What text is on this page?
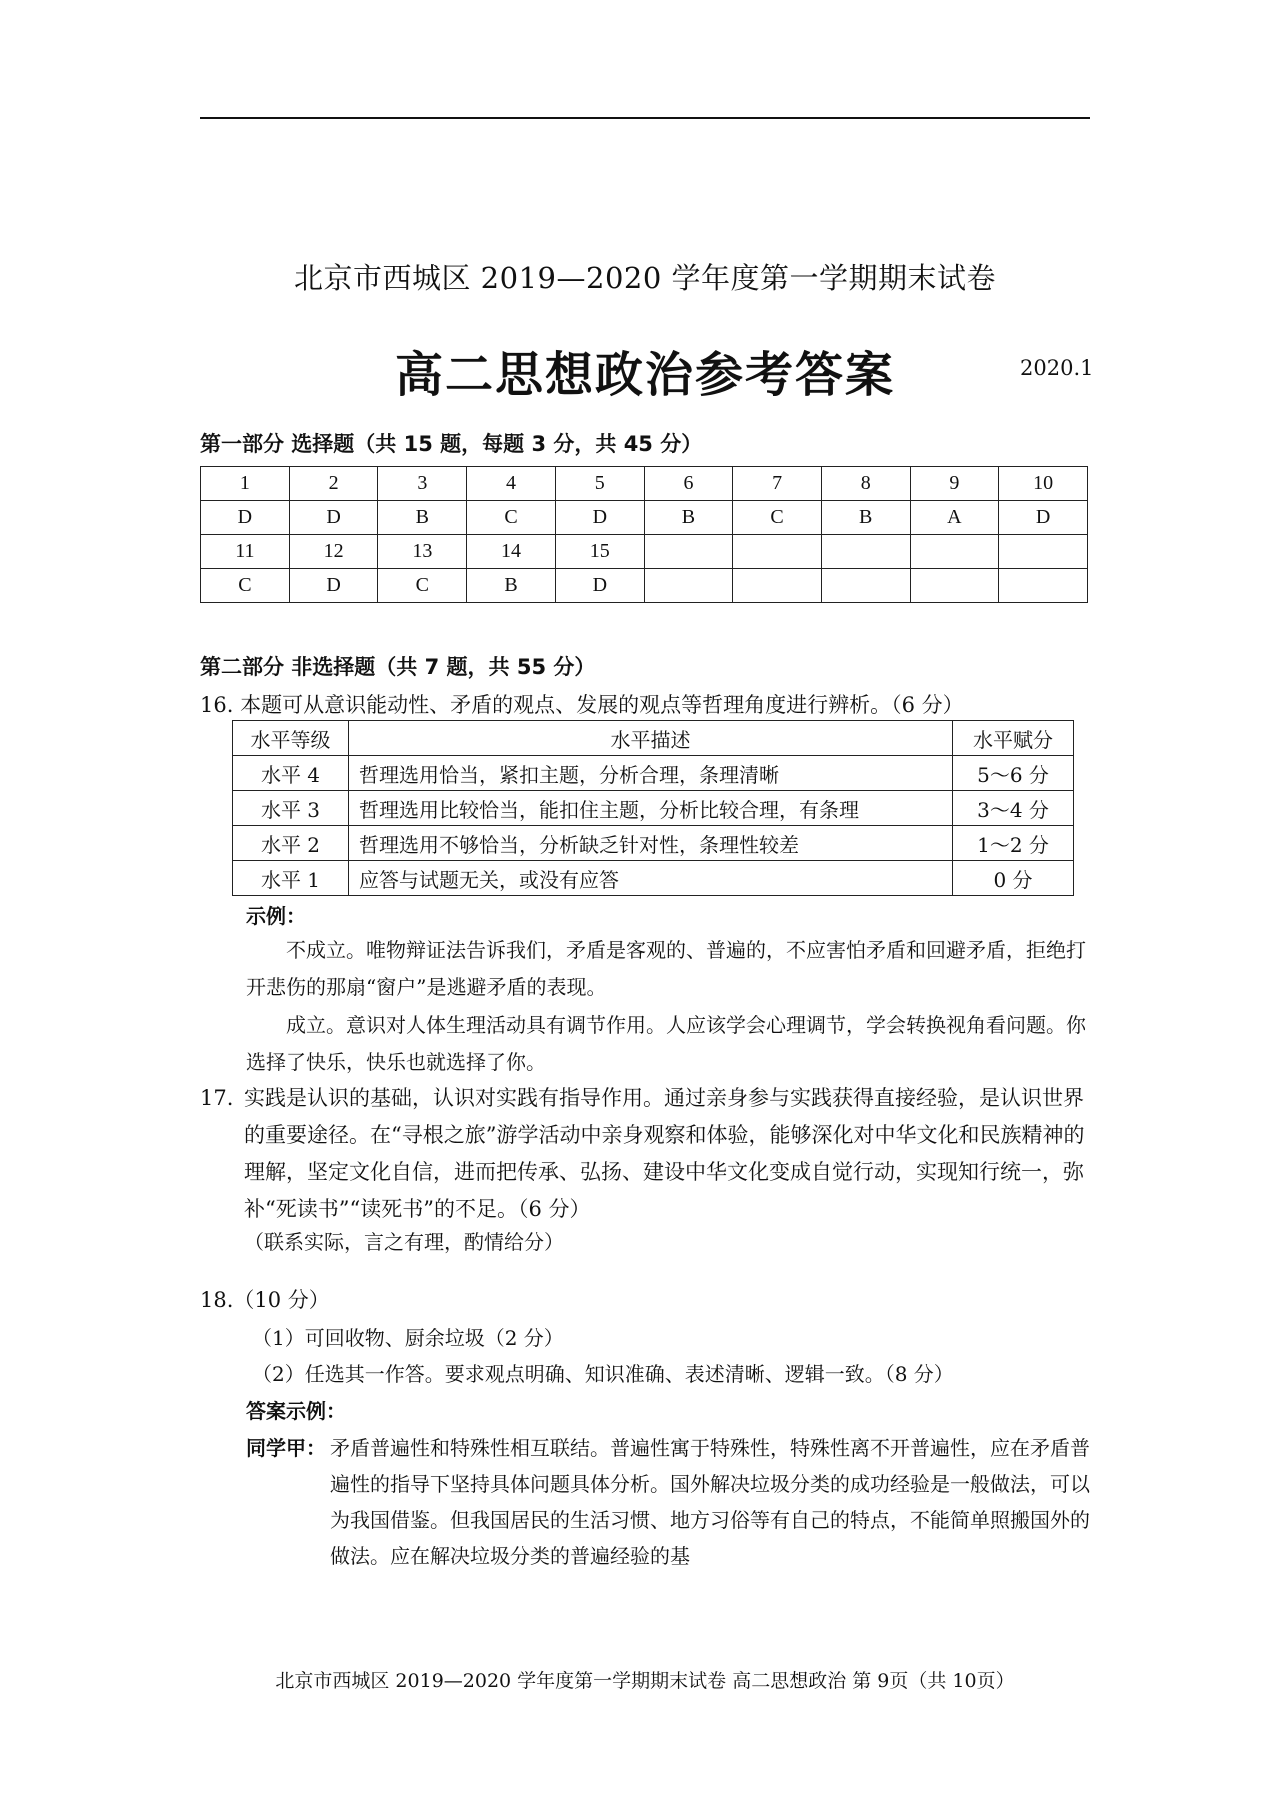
北京市西城区 2019—2020 学年度第一学期期末试卷
高二思想政治参考答案	2020.1
第一部分 选择题（共 15 题，每题 3 分，共 45 分）
1	2	3	4	5	6	7	8	9	10
D	D	B	C	D	B	C	B	A	D
11	12	13	14	15					
C	D	C	B	D					
第二部分 非选择题（共 7 题，共 55 分）
16. 本题可从意识能动性、矛盾的观点、发展的观点等哲理角度进行辨析。（6 分）
水平等级	水平描述	水平赋分
水平 4	哲理选用恰当，紧扣主题，分析合理，条理清晰	5～6 分
水平 3	哲理选用比较恰当，能扣住主题，分析比较合理，有条理	3～4 分
水平 2	哲理选用不够恰当，分析缺乏针对性，条理性较差	1～2 分
水平 1	应答与试题无关，或没有应答	0 分
示例：
不成立。唯物辩证法告诉我们，矛盾是客观的、普遍的，不应害怕矛盾和回避矛盾，拒绝打开悲伤的那扇“窗户”是逃避矛盾的表现。
成立。意识对人体生理活动具有调节作用。人应该学会心理调节，学会转换视角看问题。你选择了快乐，快乐也就选择了你。
17. 实践是认识的基础，认识对实践有指导作用。通过亲身参与实践获得直接经验，是认识世界的重要途径。在“寻根之旅”游学活动中亲身观察和体验，能够深化对中华文化和民族精神的理解，坚定文化自信，进而把传承、弘扬、建设中华文化变成自觉行动，实现知行统一，弥补“死读书”“读死书”的不足。（6 分）
（联系实际，言之有理，酌情给分）
18.（10 分）
（1）可回收物、厨余垃圾（2 分）
（2）任选其一作答。要求观点明确、知识准确、表述清晰、逻辑一致。（8 分）
答案示例：
同学甲： 矛盾普遍性和特殊性相互联结。普遍性寓于特殊性，特殊性离不开普遍性，应在矛盾普遍性的指导下坚持具体问题具体分析。国外解决垃圾分类的成功经验是一般做法，可以为我国借鉴。但我国居民的生活习惯、地方习俗等有自己的特点，不能简单照搬国外的做法。应在解决垃圾分类的普遍经验的基
北京市西城区 2019—2020 学年度第一学期期末试卷 高二思想政治 第 9页（共 10页）
